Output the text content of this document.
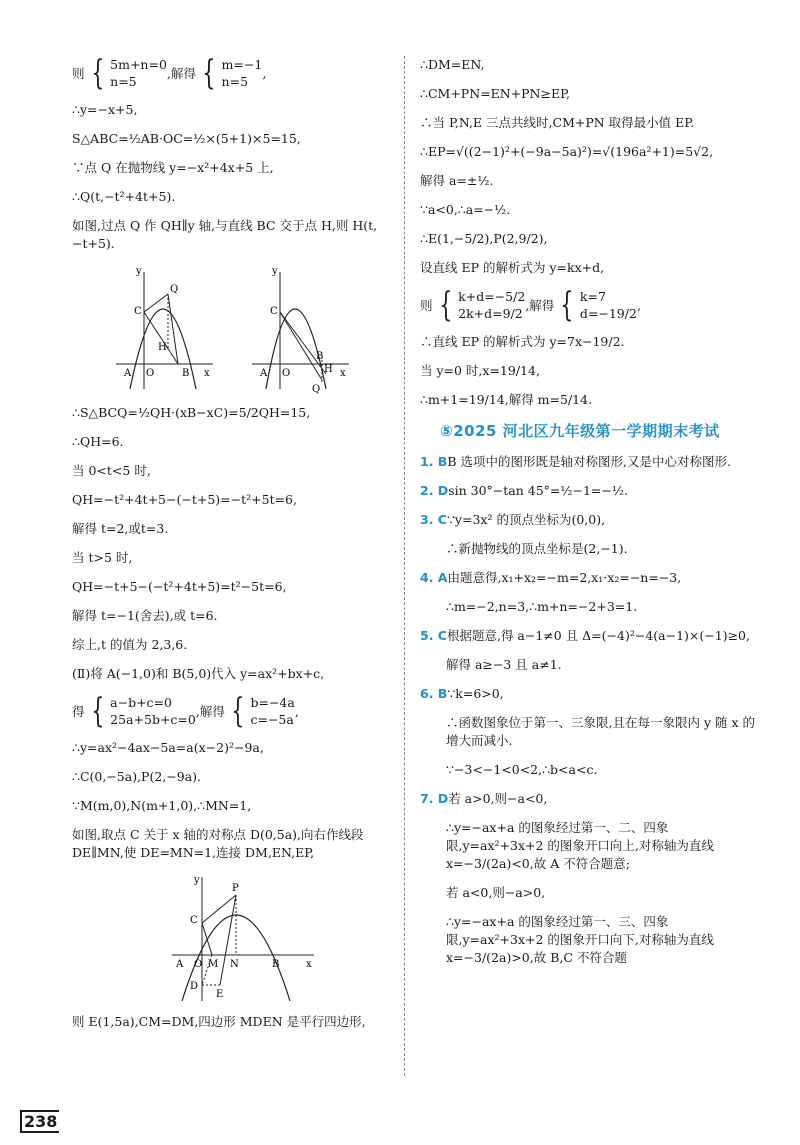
则 { 5m+n=0
n=5
,解得 { m=−1
n=5
,

∴y=−x+5,

S△ABC=½AB·OC=½×(5+1)×5=15,

∵点 Q 在抛物线 y=−x²+4x+5 上,

∴Q(t,−t²+4t+5).

如图,过点 Q 作 QH∥y 轴,与直线 BC 交于点 H,则 H(t,−t+5).

y
Q
C
H
A O	B x
y
C
A O
B
H x
Q

∴S△BCQ=½QH·(xB−xC)=5/2QH=15,

∴QH=6.

当 0<t<5 时,

QH=−t²+4t+5−(−t+5)=−t²+5t=6,

解得 t=2,或t=3.

当 t>5 时,

QH=−t+5−(−t²+4t+5)=t²−5t=6,

解得 t=−1(舍去),或 t=6.

综上,t 的值为 2,3,6.

(Ⅱ)将 A(−1,0)和 B(5,0)代入 y=ax²+bx+c,

得 { a−b+c=0
25a+5b+c=0
,解得 { b=−4a
c=−5a
,

∴y=ax²−4ax−5a=a(x−2)²−9a,

∴C(0,−5a),P(2,−9a).

∵M(m,0),N(m+1,0),∴MN=1,

如图,取点 C 关于 x 轴的对称点 D(0,5a),向右作线段 DE∥MN,使 DE=MN=1,连接 DM,EN,EP,

y
P
C
A O M N	B	x
D
E

则 E(1,5a),CM=DM,四边形 MDEN 是平行四边形,

∴DM=EN,

∴CM+PN=EN+PN≥EP,

∴当 P,N,E 三点共线时,CM+PN 取得最小值 EP.

∴EP=√((2−1)²+(−9a−5a)²)=√(196a²+1)=5√2,

解得 a=±½.

∵a<0,∴a=−½.

∴E(1,−5/2),P(2,9/2),

设直线 EP 的解析式为 y=kx+d,

则 { k+d=−5/2
2k+d=9/2
,解得 { k=7
d=−19/2
,

∴直线 EP 的解析式为 y=7x−19/2.

当 y=0 时,x=19/14,

∴m+1=19/14,解得 m=5/14.

⑤2025 河北区九年级第一学期期末考试
1. BB 选项中的图形既是轴对称图形,又是中心对称图形.
2. Dsin 30°−tan 45°=½−1=−½.
3. C∵y=3x² 的顶点坐标为(0,0),
∴新抛物线的顶点坐标是(2,−1).
4. A由题意得,x₁+x₂=−m=2,x₁·x₂=−n=−3,
∴m=−2,n=3,∴m+n=−2+3=1.
5. C根据题意,得 a−1≠0 且 Δ=(−4)²−4(a−1)×(−1)≥0,
解得 a≥−3 且 a≠1.
6. B∵k=6>0,
∴函数图象位于第一、三象限,且在每一象限内 y 随 x 的增大而减小.
∵−3<−1<0<2,∴b<a<c.
7. D若 a>0,则−a<0,
∴y=−ax+a 的图象经过第一、二、四象限,y=ax²+3x+2 的图象开口向上,对称轴为直线 x=−3/(2a)<0,故 A 不符合题意;
若 a<0,则−a>0,
∴y=−ax+a 的图象经过第一、三、四象限,y=ax²+3x+2 的图象开口向下,对称轴为直线 x=−3/(2a)>0,故 B,C 不符合题
238
